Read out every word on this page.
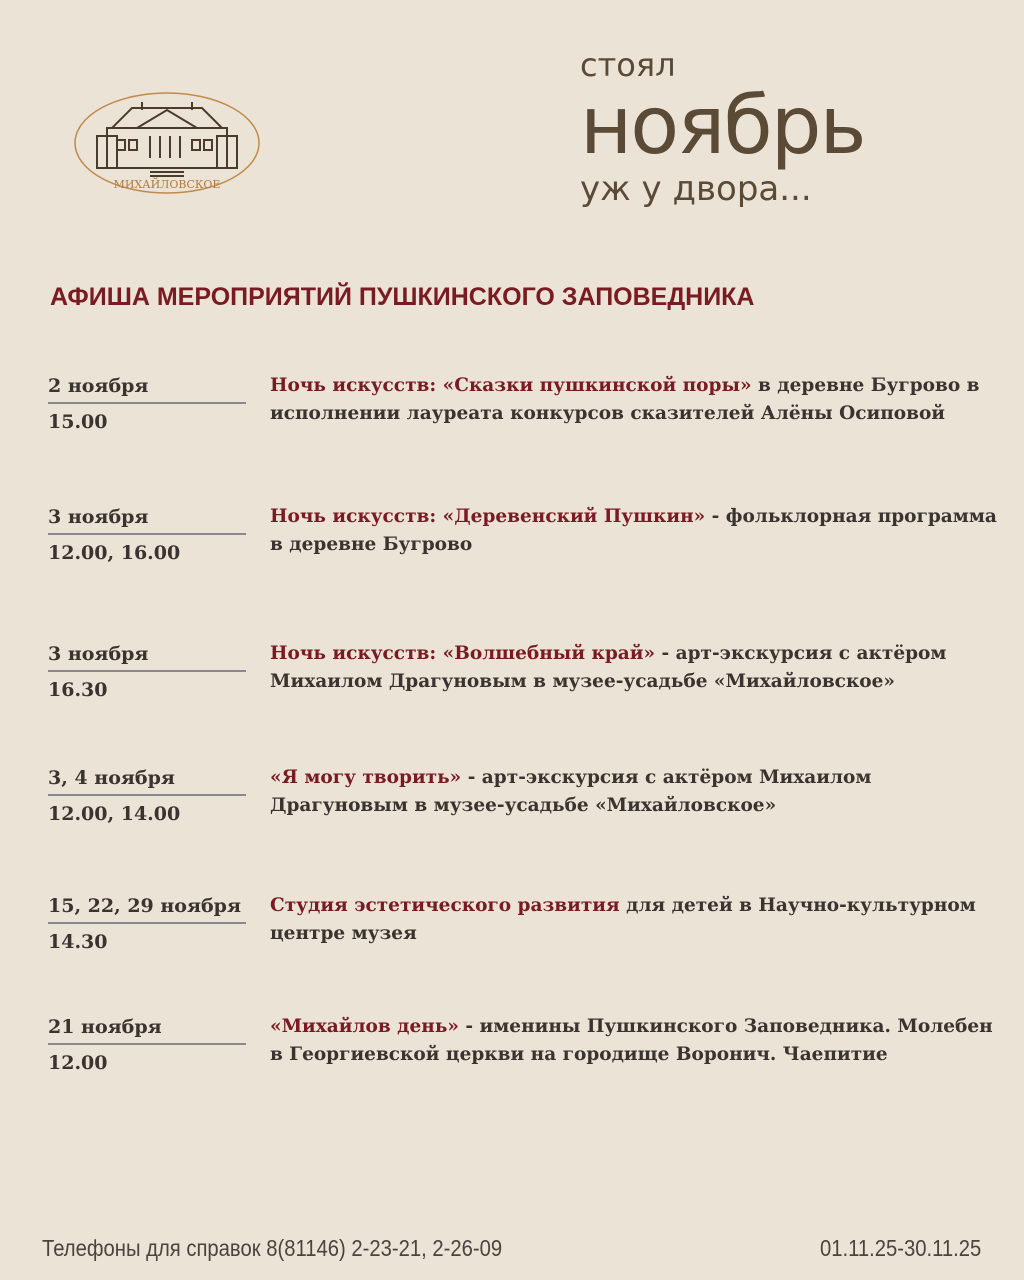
МИХАЙЛОВСКОЕ
стоял
ноябрь
уж у двора...
АФИША МЕРОПРИЯТИЙ ПУШКИНСКОГО ЗАПОВЕДНИКА
2 ноября
15.00
Ночь искусств: «Сказки пушкинской поры» в деревне Бугрово в исполнении лауреата конкурсов сказителей Алёны Осиповой
3 ноября
12.00, 16.00
Ночь искусств: «Деревенский Пушкин» - фольклорная программа в деревне Бугрово
3 ноября
16.30
Ночь искусств: «Волшебный край» - арт-экскурсия с актёром Михаилом Драгуновым в музее-усадьбе «Михайловское»
3, 4 ноября
12.00, 14.00
«Я могу творить» - арт-экскурсия с актёром Михаилом Драгуновым в музее-усадьбе «Михайловское»
15, 22, 29 ноября
14.30
Студия эстетического развития для детей в Научно-культурном центре музея
21 ноября
12.00
«Михайлов день» - именины Пушкинского Заповедника. Молебен в Георгиевской церкви на городище Воронич. Чаепитие
Телефоны для справок 8(81146) 2-23-21, 2-26-09	01.11.25-30.11.25
